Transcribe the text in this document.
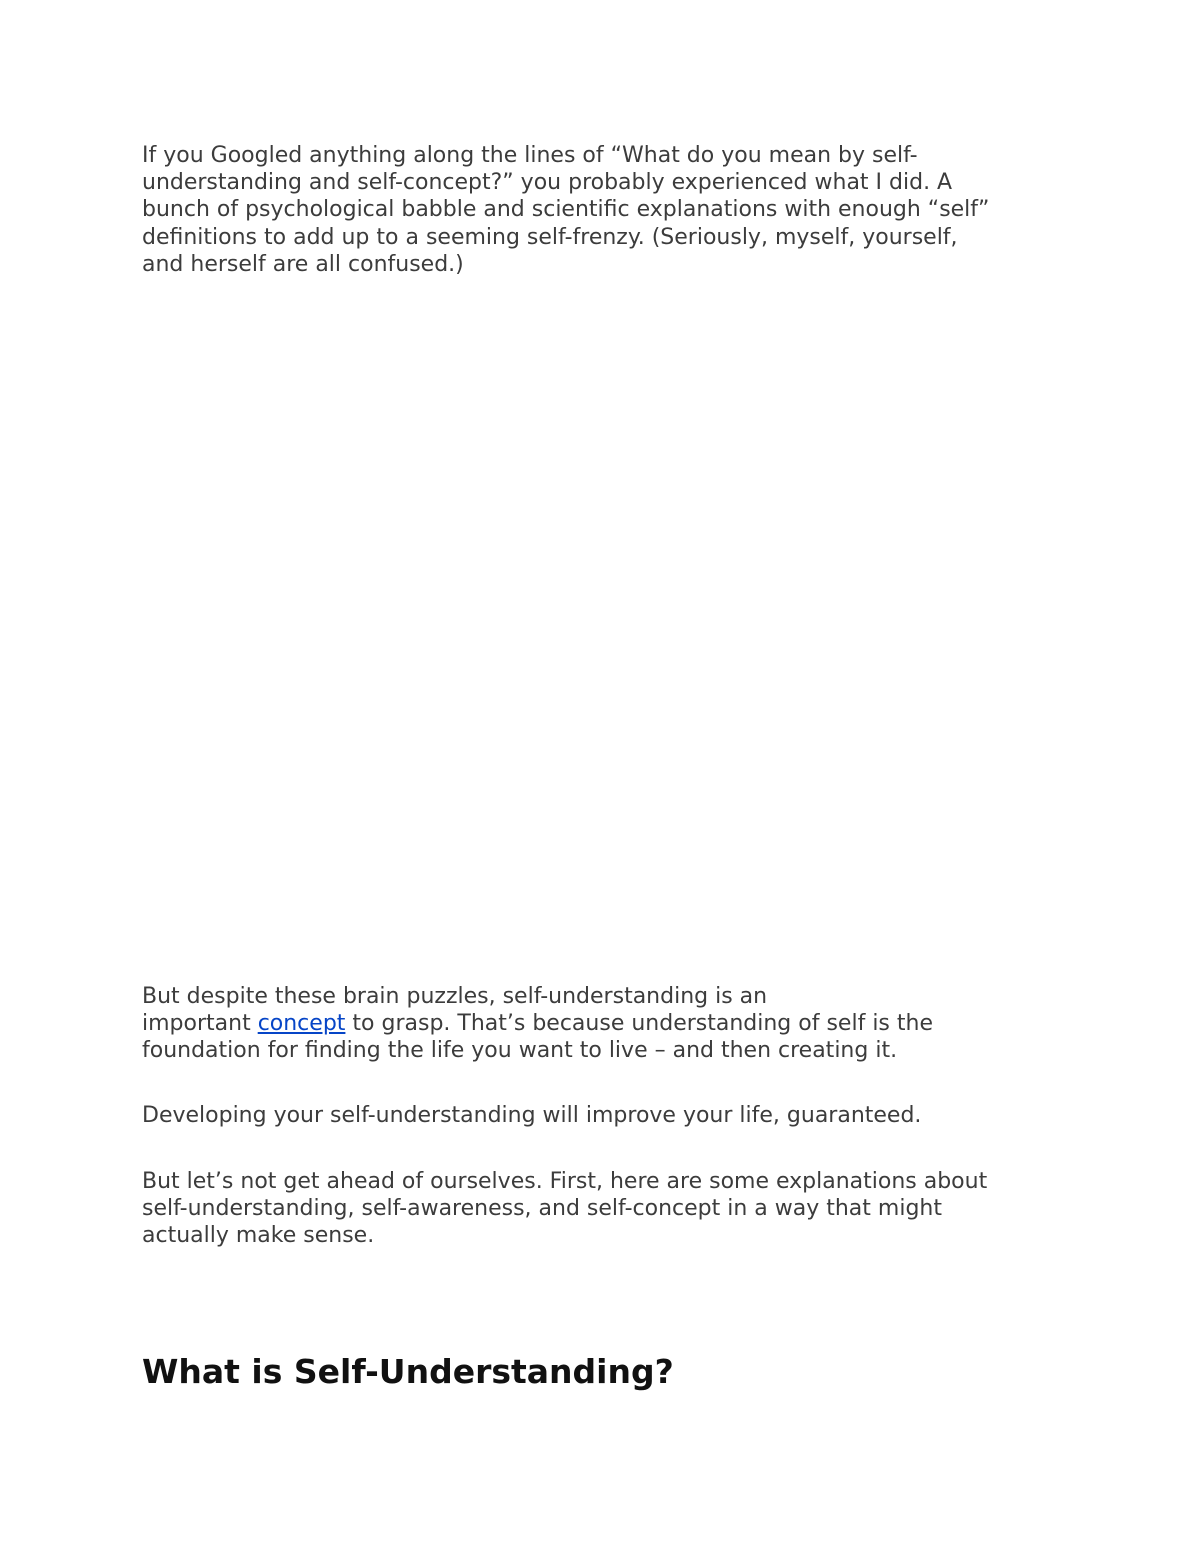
If you Googled anything along the lines of “What do you mean by self-
understanding and self-concept?” you probably experienced what I did. A
bunch of psychological babble and scientific explanations with enough “self”
definitions to add up to a seeming self-frenzy. (Seriously, myself, yourself,
and herself are all confused.)

But despite these brain puzzles, self-understanding is an
important concept to grasp. That’s because understanding of self is the
foundation for finding the life you want to live – and then creating it.

Developing your self-understanding will improve your life, guaranteed.

But let’s not get ahead of ourselves. First, here are some explanations about
self-understanding, self-awareness, and self-concept in a way that might
actually make sense.

What is Self-Understanding?
